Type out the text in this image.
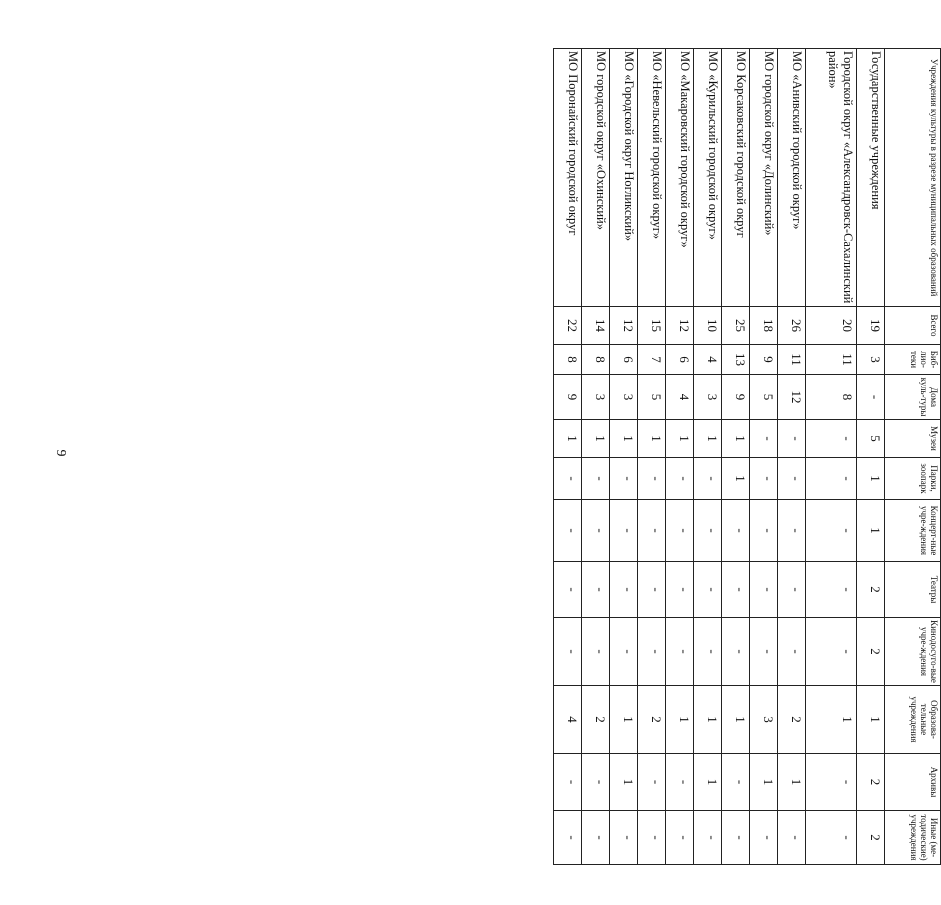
9
Учреждения культуры в разрезе муниципальных образований	Всего	Биб-лио-теки	Дома куль-туры	Музеи	Парки, зоопарк	Концерт-ные учре-ждения	Театры	Кинодосуго-вые учре-ждения	Образова-тельные учреждения	Архивы	Иные (ме-тодические) учреждения
Государственные учреждения	19	3	-	5	1	1	2	2	1	2	2
Городской округ «Александровск-Сахалинский район»	20	11	8	-	-	-	-	-	1	-	-
МО «Анивский городской округ»	26	11	12	-	-	-	-	-	2	1	-
МО городской округ «Долинский»	18	9	5	-	-	-	-	-	3	1	-
МО Корсаковский городской округ	25	13	9	1	1	-	-	-	1	-	-
МО «Курильский городской округ»	10	4	3	1	-	-	-	-	1	1	-
МО «Макаровский городской округ»	12	6	4	1	-	-	-	-	1	-	-
МО «Невельский городской округ»	15	7	5	1	-	-	-	-	2	-	-
МО «Городской округ Ногликский»	12	6	3	1	-	-	-	-	1	1	-
МО городской округ «Охинский»	14	8	3	1	-	-	-	-	2	-	-
МО Поронайский городской округ	22	8	9	1	-	-	-	-	4	-	-
